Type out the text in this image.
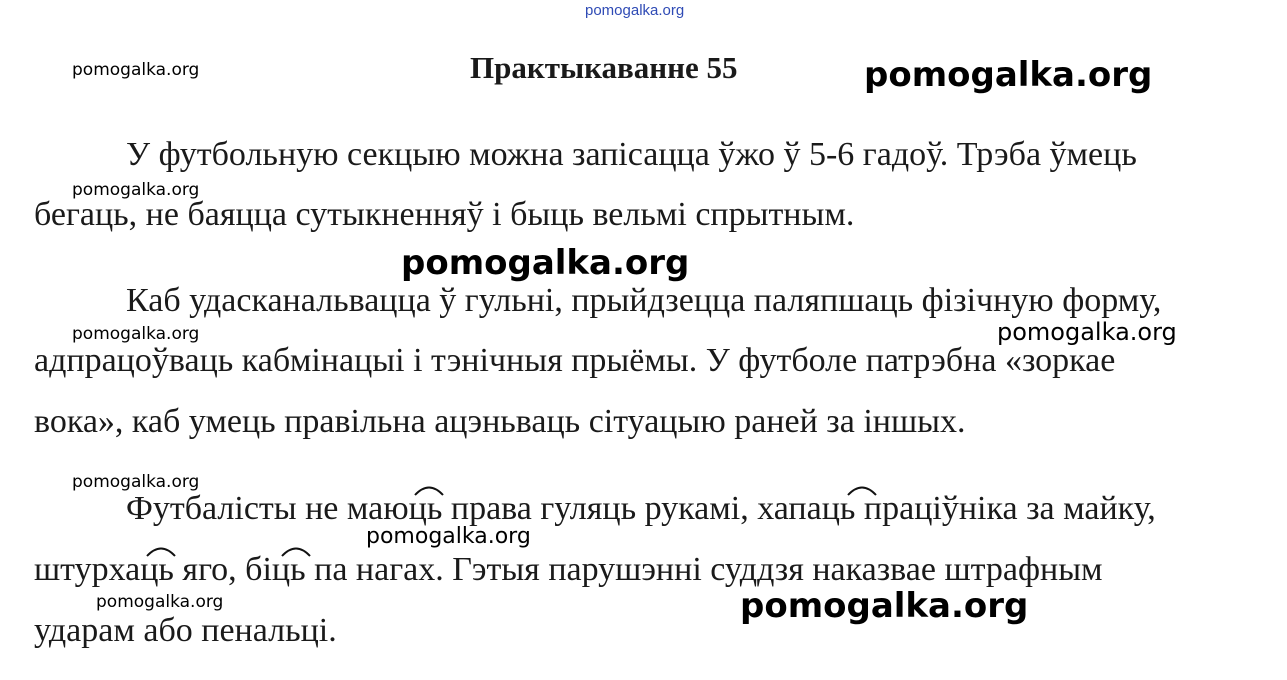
pomogalka.org
pomogalka.org	Практыкаванне 55	pomogalka.org
У футбольную секцыю можна запісацца ўжо ў 5-6 гадоў. Трэба ўмець
pomogalka.org
бегаць, не баяцца сутыкненняў і быць вельмі спрытным.
pomogalka.org
Каб удасканальвацца ў гульні, прыйдзецца паляпшаць фізічную форму,
pomogalka.org	pomogalka.org
адпрацоўваць кабмінацыі і тэнічныя прыёмы. У футболе патрэбна «зоркае
вока», каб умець правільна ацэньваць сітуацыю раней за іншых.
pomogalka.org
Футбалісты не маюць права гуляць рукамі, хапаць праціўніка за майку,
pomogalka.org
штурхаць яго, біць па нагах. Гэтыя парушэнні суддзя наказвае штрафным
pomogalka.org	pomogalka.org
ударам або пенальці.
